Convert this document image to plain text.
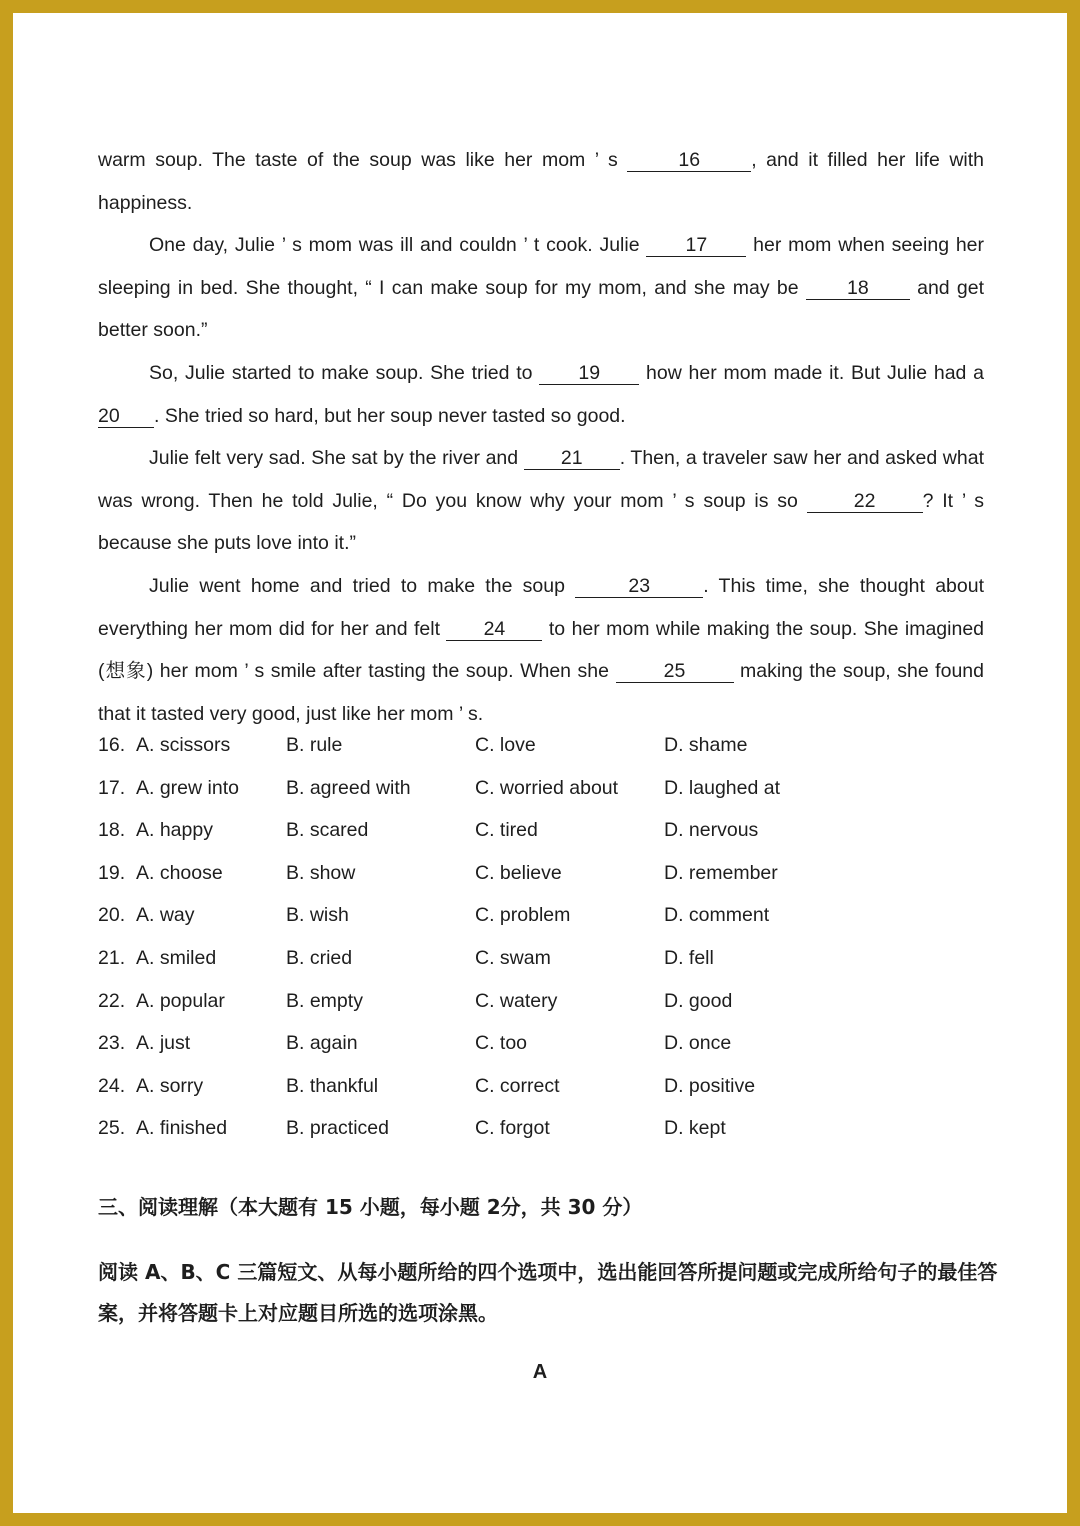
warm soup. The taste of the soup was like her mom ’ s	16	, and it filled her life with happiness.

One day, Julie ’ s mom was ill and couldn ’ t cook. Julie 17 her mom when seeing her sleeping in bed. She thought, “ I can make soup for my mom, and she may be 18 and get better soon.”

So, Julie started to make soup. She tried to 19 how her mom made it. But Julie had a 20 . She tried so hard, but her soup never tasted so good.

Julie felt very sad. She sat by the river and 21 . Then, a traveler saw her and asked what was wrong. Then he told Julie, “ Do you know why your mom ’ s soup is so	22 ? It ’ s because she puts love into it.”

Julie went home and tried to make the soup	23	. This time, she thought about everything her mom did for her and felt 24 to her mom while making the soup. She imagined (想象) her mom ’ s smile after tasting the soup. When she	25	making the soup, she found that it tasted very good, just like her mom ’ s.

16. A. scissors	B. rule	C. love	D. shame
17. A. grew into B. agreed with	C. worried about D. laughed at
18. A. happy	B. scared	C. tired	D. nervous
19. A. choose	B. show	C. believe	D. remember
20. A. way	B. wish	C. problem	D. comment
21. A. smiled	B. cried	C. swam	D. fell
22. A. popular	B. empty	C. watery	D. good
23. A. just	B. again	C. too	D. once
24. A. sorry	B. thankful	C. correct	D. positive
25. A. finished	B. practiced	C. forgot	D. kept
三、阅读理解（本大题有 15 小题，每小题 2分，共 30 分）
阅读 A、B、C 三篇短文、从每小题所给的四个选项中，选出能回答所提问题或完成所给句子的最佳答案，并将答题卡上对应题目所选的选项涂黑。
A
